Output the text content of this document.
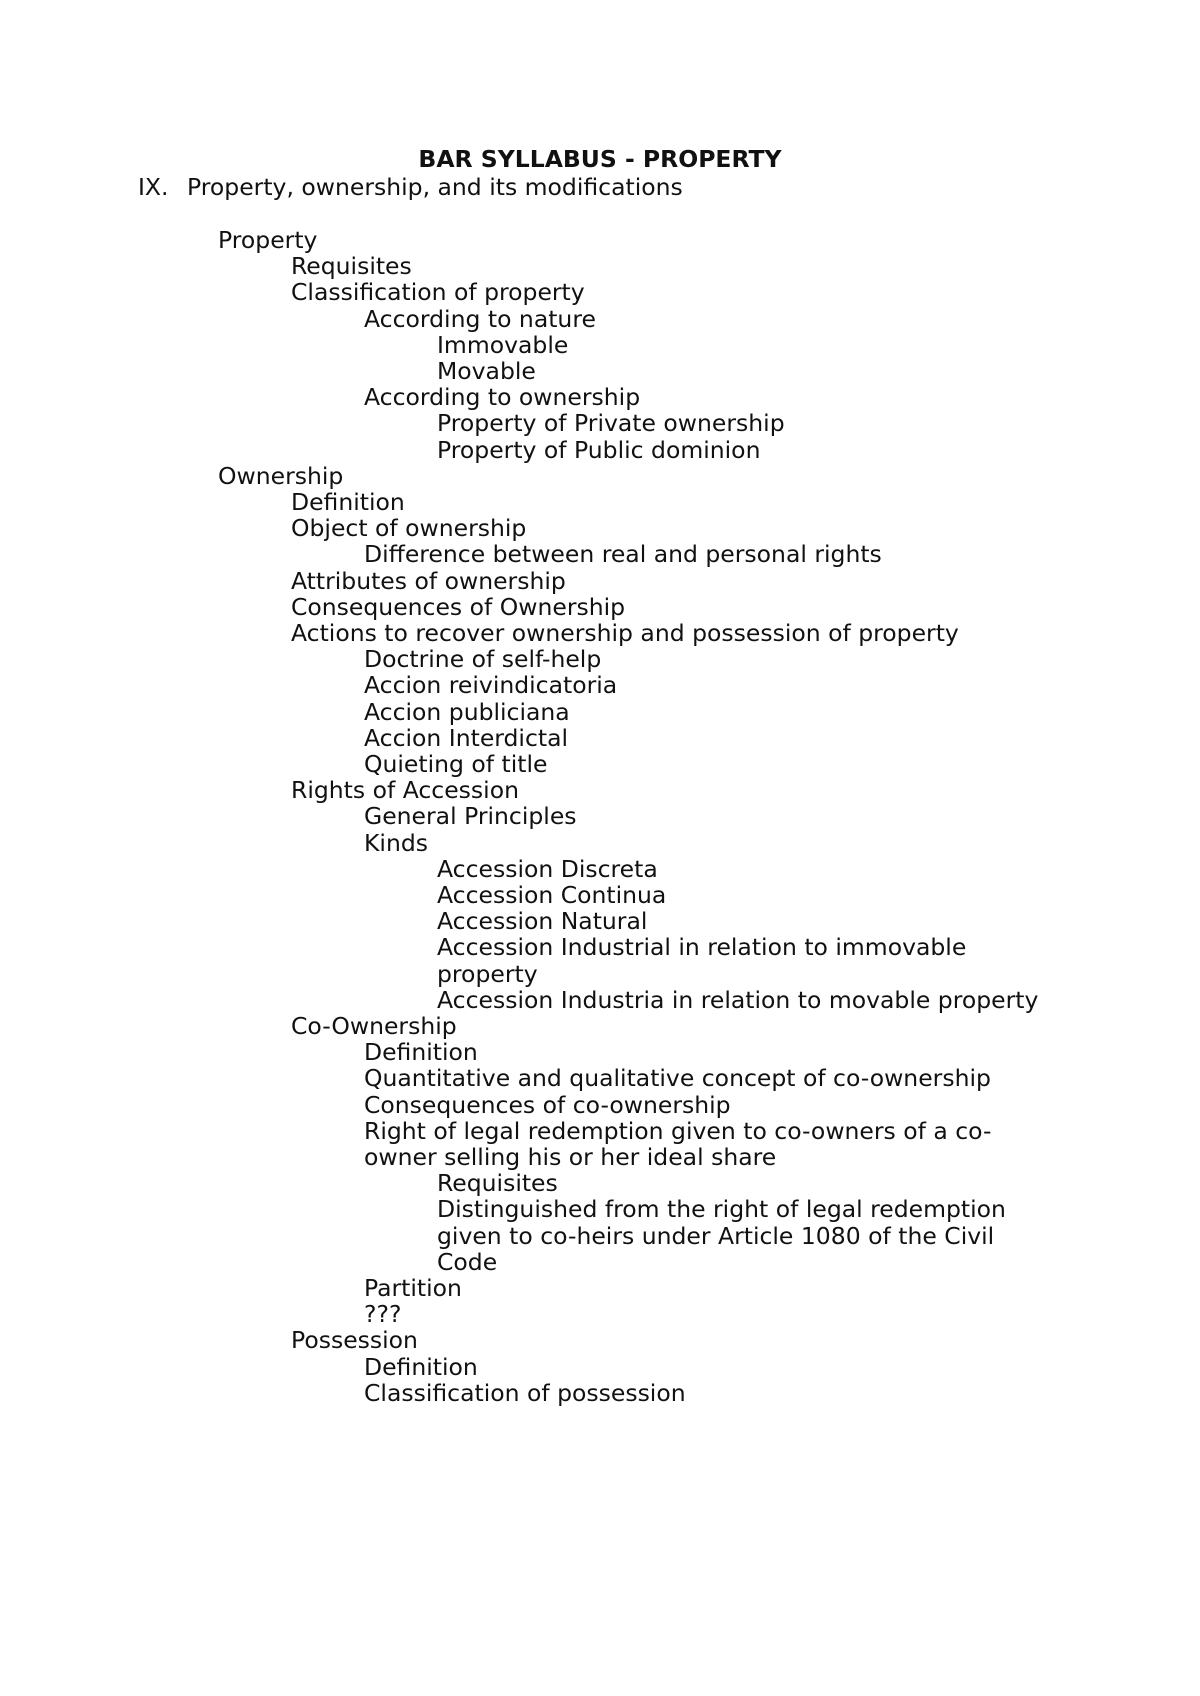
BAR SYLLABUS - PROPERTY
IX. Property, ownership, and its modifications
Property
Requisites
Classification of property
According to nature
Immovable
Movable
According to ownership
Property of Private ownership
Property of Public dominion
Ownership
Definition
Object of ownership
Difference between real and personal rights
Attributes of ownership
Consequences of Ownership
Actions to recover ownership and possession of property
Doctrine of self-help
Accion reivindicatoria
Accion publiciana
Accion Interdictal
Quieting of title
Rights of Accession
General Principles
Kinds
Accession Discreta
Accession Continua
Accession Natural
Accession Industrial in relation to immovable
property
Accession Industria in relation to movable property
Co-Ownership
Definition
Quantitative and qualitative concept of co-ownership
Consequences of co-ownership
Right of legal redemption given to co-owners of a co-
owner selling his or her ideal share
Requisites
Distinguished from the right of legal redemption
given to co-heirs under Article 1080 of the Civil
Code
Partition
???
Possession
Definition
Classification of possession
